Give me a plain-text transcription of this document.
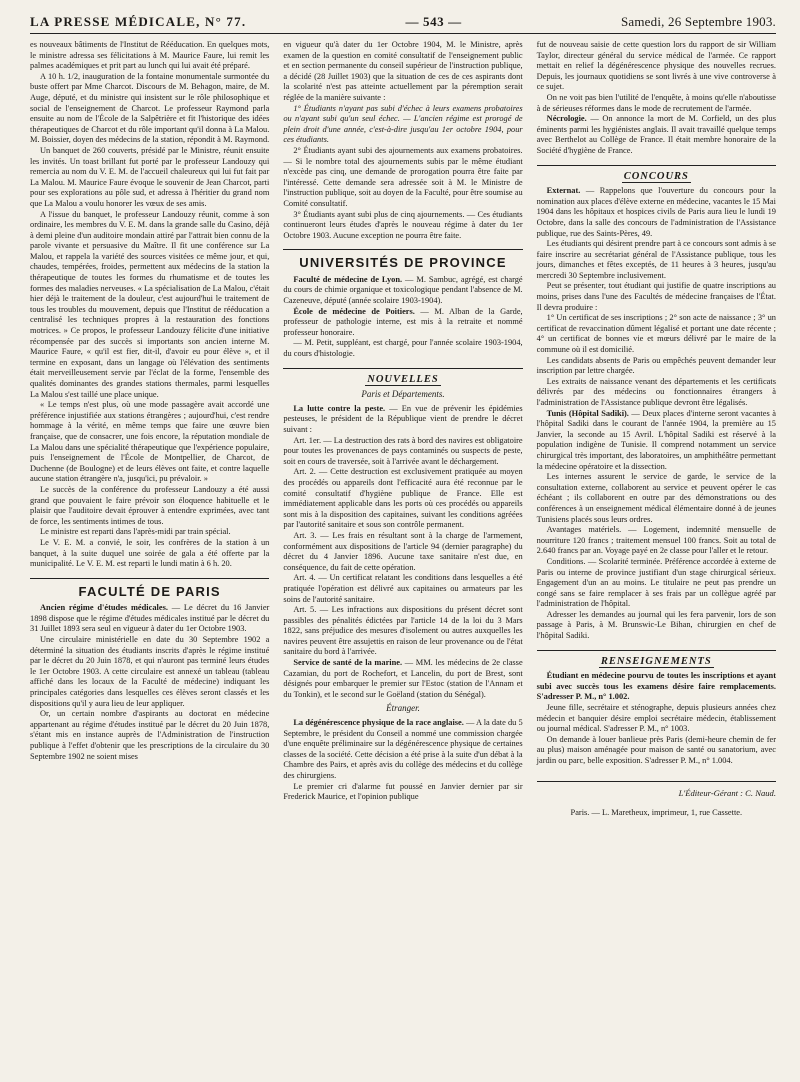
LA PRESSE MÉDICALE, N° 77.	— 543 —	Samedi, 26 Septembre 1903.

es nouveaux bâtiments de l'Institut de Rééducation. En quelques mots, le ministre adressa ses félicitations à M. Maurice Faure, lui remit les palmes académiques et prit part au lunch qui lui avait été préparé.

A 10 h. 1/2, inauguration de la fontaine monumentale surmontée du buste offert par Mme Charcot. Discours de M. Behagon, maire, de M. Auge, député, et du ministre qui insistent sur le rôle philosophique et social de l'enseignement de Charcot. Le professeur Raymond parla ensuite au nom de l'École de la Salpêtrière et fit l'historique des idées thérapeutiques de Charcot et du rôle important qu'il donna à La Malou. M. Boissier, doyen des médecins de la station, répondit à M. Raymond.

Un banquet de 260 couverts, présidé par le Ministre, réunit ensuite les invités. Un toast brillant fut porté par le professeur Landouzy qui remercia au nom du V. E. M. de l'accueil chaleureux qui lui fut fait par La Malou. M. Maurice Faure évoque le souvenir de Jean Charcot, parti pour ses explorations au pôle sud, et adressa à l'héritier du grand nom que La Malou a voulu honorer les vœux de ses amis.

A l'issue du banquet, le professeur Landouzy réunit, comme à son ordinaire, les membres du V. E. M. dans la grande salle du Casino, déjà à demi pleine d'un auditoire mondain attiré par l'attrait bien connu de la parole vivante et persuasive du Maître. Il fit une conférence sur La Malou, et rappela la variété des sources visitées ce même jour, et qui, chaudes, tempérées, froides, permettent aux médecins de la station la thérapeutique de toutes les formes du rhumatisme et de toutes les formes des maladies nerveuses. « La spécialisation de La Malou, c'était hier déjà le traitement de la douleur, c'est aujourd'hui le traitement de tous les troubles du mouvement, depuis que l'Institut de rééducation a centralisé les techniques propres à la restauration des fonctions motrices. » Ce propos, le professeur Landouzy félicite d'une initiative récompensée par des succès si importants son ancien interne M. Maurice Faure, « qu'il est fier, dit-il, d'avoir eu pour élève », et il termine en exposant, dans un langage où l'élévation des sentiments était merveilleusement servie par l'éclat de la forme, l'ensemble des qualités dominantes des grandes stations thermales, parmi lesquelles La Malou s'est taillé une place unique.

« Le temps n'est plus, où une mode passagère avait accordé une préférence injustifiée aux stations étrangères ; aujourd'hui, c'est rendre hommage à la vérité, en même temps que faire une œuvre bien française, que de consacrer, une fois encore, la réputation mondiale de La Malou dans une spécialité thérapeutique que l'expérience populaire, puis l'enseignement de l'École de Montpellier, de Charcot, de Duchenne (de Boulogne) et de leurs élèves ont faite, et contre laquelle aucune station étrangère n'a, jusqu'ici, pu prévaloir. »

Le succès de la conférence du professeur Landouzy a été aussi grand que pouvaient le faire prévoir son éloquence habituelle et le plaisir que l'auditoire devait éprouver à entendre exprimées, avec tant de force, les sentiments intimes de tous.

Le ministre est reparti dans l'après-midi par train spécial.

Le V. E. M. a convié, le soir, les confrères de la station à un banquet, à la suite duquel une soirée de gala a été offerte par la municipalité. Le V. E. M. est reparti le lundi matin à 6 h. 20.

FACULTÉ DE PARIS

Ancien régime d'études médicales. — Le décret du 16 Janvier 1898 dispose que le régime d'études médicales institué par le décret du 31 Juillet 1893 sera seul en vigueur à dater du 1er Octobre 1903.

Une circulaire ministérielle en date du 30 Septembre 1902 a déterminé la situation des étudiants inscrits d'après le régime institué par le décret du 20 Juin 1878, et qui n'auront pas terminé leurs études le 1er Octobre 1903. A cette circulaire est annexé un tableau (tableau affiché dans les locaux de la Faculté de médecine) indiquant les principales catégories dans lesquelles ces élèves seront classés et les dispositions qu'il y aura lieu de leur appliquer.

Or, un certain nombre d'aspirants au doctorat en médecine appartenant au régime d'études institué par le décret du 20 Juin 1878, s'étant mis en instance auprès de l'Administration de l'instruction publique à l'effet d'obtenir que les prescriptions de la circulaire du 30 Septembre 1902 ne soient mises

en vigueur qu'à dater du 1er Octobre 1904, M. le Ministre, après examen de la question en comité consultatif de l'enseignement public et en section permanente du conseil supérieur de l'instruction publique, a décidé (28 Juillet 1903) que la situation de ces de ces aspirants dont la scolarité n'est pas atteinte actuellement par la péremption serait réglée de la manière suivante :

1° Étudiants n'ayant pas subi d'échec à leurs examens probatoires ou n'ayant subi qu'un seul échec. — L'ancien régime est prorogé de plein droit d'une année, c'est-à-dire jusqu'au 1er octobre 1904, pour ces étudiants.

2° Étudiants ayant subi des ajournements aux examens probatoires. — Si le nombre total des ajournements subis par le même étudiant n'excède pas cinq, une demande de prorogation pourra être faite par l'intéressé. Cette demande sera adressée soit à M. le Ministre de l'instruction publique, soit au doyen de la Faculté, pour être soumise au Comité consultatif.

3° Étudiants ayant subi plus de cinq ajournements. — Ces étudiants continueront leurs études d'après le nouveau régime à dater du 1er Octobre 1903. Aucune exception ne pourra être faite.

UNIVERSITÉS DE PROVINCE

Faculté de médecine de Lyon. — M. Sambuc, agrégé, est chargé du cours de chimie organique et toxicologique pendant l'absence de M. Cazeneuve, député (année scolaire 1903-1904).

École de médecine de Poitiers. — M. Alban de la Garde, professeur de pathologie interne, est mis à la retraite et nommé professeur honoraire.

— M. Petit, suppléant, est chargé, pour l'année scolaire 1903-1904, du cours d'histologie.

NOUVELLES
Paris et Départements.

La lutte contre la peste. — En vue de prévenir les épidémies pesteuses, le président de la République vient de prendre le décret suivant :

Art. 1er. — La destruction des rats à bord des navires est obligatoire pour toutes les provenances de pays contaminés ou suspects de peste, soit en cours de traversée, soit à l'arrivée avant le déchargement.

Art. 2. — Cette destruction est exclusivement pratiquée au moyen des procédés ou appareils dont l'efficacité aura été reconnue par le comité consultatif d'hygiène publique de France. Elle est immédiatement applicable dans les ports où ces procédés ou appareils sont mis à la disposition des capitaines, suivant les conditions agréées par l'autorité sanitaire et sous son contrôle permanent.

Art. 3. — Les frais en résultant sont à la charge de l'armement, conformément aux dispositions de l'article 94 (dernier paragraphe) du décret du 4 Janvier 1896. Aucune taxe sanitaire n'est due, en conséquence, du fait de cette opération.

Art. 4. — Un certificat relatant les conditions dans lesquelles a été pratiquée l'opération est délivré aux capitaines ou armateurs par les soins de l'autorité sanitaire.

Art. 5. — Les infractions aux dispositions du présent décret sont passibles des pénalités édictées par l'article 14 de la loi du 3 Mars 1822, sans préjudice des mesures d'isolement ou autres auxquelles les navires peuvent être assujettis en raison de leur provenance ou de l'état sanitaire du bord à l'arrivée.

Service de santé de la marine. — MM. les médecins de 2e classe Cazamian, du port de Rochefort, et Lancelin, du port de Brest, sont désignés pour embarquer le premier sur l'Estoc (station de l'Annam et du Tonkin), et le second sur le Goëland (station du Sénégal).

Étranger.

La dégénérescence physique de la race anglaise. — A la date du 5 Septembre, le président du Conseil a nommé une commission chargée d'une enquête préliminaire sur la dégénérescence physique de certaines classes de la société. Cette décision a été prise à la suite d'un débat à la Chambre des Pairs, et après avis du collège des médecins et du collège des chirurgiens.

Le premier cri d'alarme fut poussé en Janvier dernier par sir Frederick Maurice, et l'opinion publique

fut de nouveau saisie de cette question lors du rapport de sir William Taylor, directeur général du service médical de l'armée. Ce rapport mettait en relief la dégénérescence physique des nouvelles recrues. Depuis, les journaux quotidiens se sont livrés à une vive controverse à ce sujet.

On ne voit pas bien l'utilité de l'enquête, à moins qu'elle n'aboutisse à de sérieuses réformes dans le mode de recrutement de l'armée.

Nécrologie. — On annonce la mort de M. Corfield, un des plus éminents parmi les hygiénistes anglais. Il avait travaillé quelque temps avec Berthelot au Collège de France. Il était membre honoraire de la Société d'hygiène de France.

CONCOURS

Externat. — Rappelons que l'ouverture du concours pour la nomination aux places d'élève externe en médecine, vacantes le 15 Mai 1904 dans les hôpitaux et hospices civils de Paris aura lieu le lundi 19 Octobre, dans la salle des concours de l'administration de l'Assistance publique, rue des Saints-Pères, 49.

Les étudiants qui désirent prendre part à ce concours sont admis à se faire inscrire au secrétariat général de l'Assistance publique, tous les jours, dimanches et fêtes exceptés, de 11 heures à 3 heures, jusqu'au mercredi 30 Septembre inclusivement.

Peut se présenter, tout étudiant qui justifie de quatre inscriptions au moins, prises dans l'une des Facultés de médecine françaises de l'État. Il devra produire :

1° Un certificat de ses inscriptions ; 2° son acte de naissance ; 3° un certificat de revaccination dûment légalisé et portant une date récente ; 4° un certificat de bonnes vie et mœurs délivré par le maire de la commune où il est domicilié.

Les candidats absents de Paris ou empêchés peuvent demander leur inscription par lettre chargée.

Les extraits de naissance venant des départements et les certificats délivrés par des médecins ou fonctionnaires étrangers à l'administration de l'Assistance publique devront être légalisés.

Tunis (Hôpital Sadiki). — Deux places d'interne seront vacantes à l'hôpital Sadiki dans le courant de l'année 1904, la première au 15 Janvier, la seconde au 15 Avril. L'hôpital Sadiki est réservé à la population indigène de Tunisie. Il comprend notamment un service chirurgical très important, des laboratoires, un amphithéâtre permettant la médecine opératoire et la dissection.

Les internes assurent le service de garde, le service de la consultation externe, collaborent au service et peuvent opérer le cas échéant ; ils collaborent en outre par des démonstrations ou des conférences à un enseignement médical élémentaire donné à de jeunes Tunisiens placés sous leurs ordres.

Avantages matériels. — Logement, indemnité mensuelle de nourriture 120 francs ; traitement mensuel 100 francs. Soit au total de 2.640 francs par an. Voyage payé en 2e classe pour l'aller et le retour.

Conditions. — Scolarité terminée. Préférence accordée à externe de Paris ou interne de province justifiant d'un stage chirurgical sérieux. Engagement d'un an au moins. Le titulaire ne peut pas prendre un congé sans se faire remplacer à ses frais par un collègue agréé par l'administration de l'hôpital.

Adresser les demandes au journal qui les fera parvenir, lors de son passage à Paris, à M. Brunswic-Le Bihan, chirurgien en chef de l'hôpital Sadiki.

RENSEIGNEMENTS

Étudiant en médecine pourvu de toutes les inscriptions et ayant subi avec succès tous les examens désire faire remplacements. S'adresser P. M., n° 1.002.

Jeune fille, secrétaire et sténographe, depuis plusieurs années chez médecin et banquier désire emploi secrétaire médecin, établissement ou journal médical. S'adresser P. M., n° 1003.

On demande à louer banlieue près Paris (demi-heure chemin de fer au plus) maison aménagée pour maison de santé ou sanatorium, avec jardin ou parc, belle exposition. S'adresser P. M., n° 1.004.

L'Éditeur-Gérant : C. Naud.
Paris. — L. Maretheux, imprimeur, 1, rue Cassette.
